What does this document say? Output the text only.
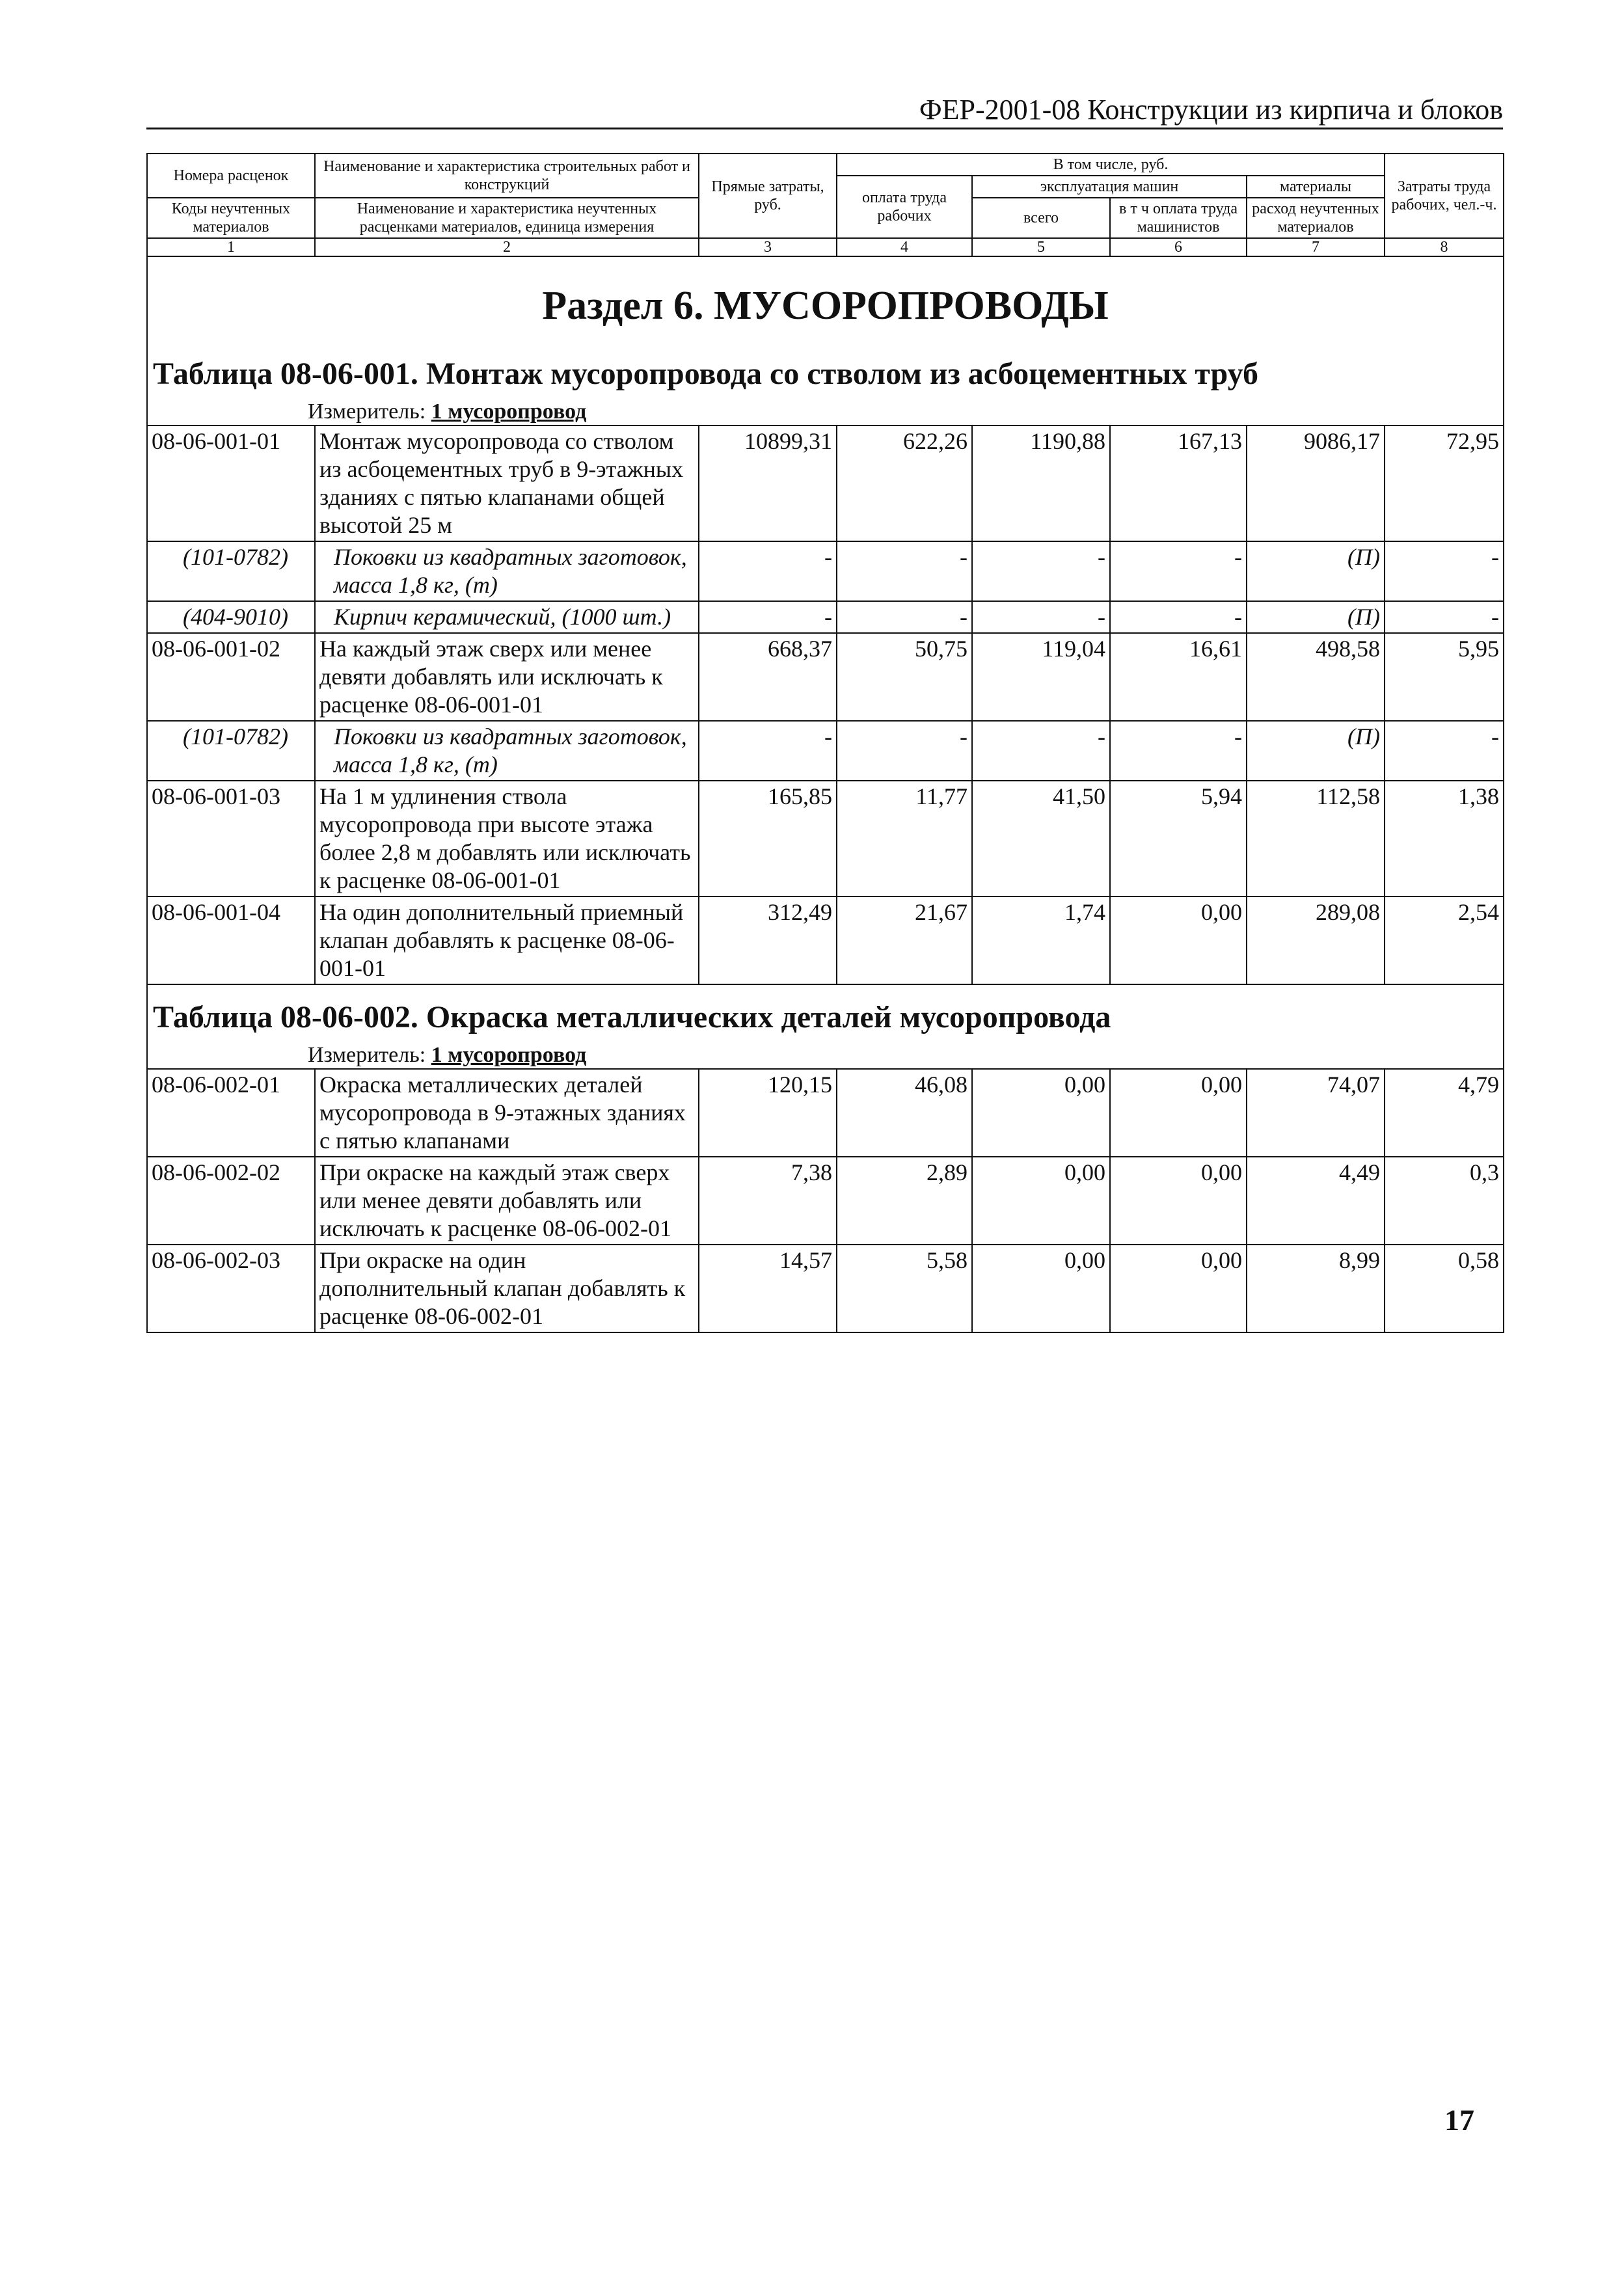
ФЕР-2001-08 Конструкции из кирпича и блоков
Номера расценок	Наименование и характеристика строительных работ и конструкций	Прямые затраты, руб.	В том числе, руб.				Затраты труда рабочих, чел.-ч.
			оплата труда рабочих	эксплуатация машин		материалы	
Коды неучтенных материалов	Наименование и характеристика неучтенных расценками материалов, единица измерения			всего	в т ч оплата труда машинистов	расход неучтенных материалов	

1	2	3	4	5	6	7	8

Раздел 6. МУСОРОПРОВОДЫ
Таблица 08-06-001. Монтаж мусоропровода со стволом из асбоцементных труб
Измеритель: 1 мусоропровод							

08-06-001-01	Монтаж мусоропровода со стволом из асбоцементных труб в 9-этажных зданиях с пятью клапанами общей высотой 25 м	10899,31	622,26	1190,88	167,13	9086,17	72,95
(101-0782)	Поковки из квадратных заготовок, масса 1,8 кг, (т)	-	-	-	-	(П)	-
(404-9010)	Кирпич керамический, (1000 шт.)	-	-	-	-	(П)	-
08-06-001-02	На каждый этаж сверх или менее девяти добавлять или исключать к расценке 08-06-001-01	668,37	50,75	119,04	16,61	498,58	5,95
(101-0782)	Поковки из квадратных заготовок, масса 1,8 кг, (т)	-	-	-	-	(П)	-
08-06-001-03	На 1 м удлинения ствола мусоропровода при высоте этажа более 2,8 м добавлять или исключать к расценке 08-06-001-01	165,85	11,77	41,50	5,94	112,58	1,38
08-06-001-04	На один дополнительный приемный клапан добавлять к расценке 08-06-001-01	312,49	21,67	1,74	0,00	289,08	2,54

Таблица 08-06-002. Окраска металлических деталей мусоропровода
Измеритель: 1 мусоропровод							

08-06-002-01	Окраска металлических деталей мусоропровода в 9-этажных зданиях с пятью клапанами	120,15	46,08	0,00	0,00	74,07	4,79
08-06-002-02	При окраске на каждый этаж сверх или менее девяти добавлять или исключать к расценке 08-06-002-01	7,38	2,89	0,00	0,00	4,49	0,3
08-06-002-03	При окраске на один дополнительный клапан добавлять к расценке 08-06-002-01	14,57	5,58	0,00	0,00	8,99	0,58
17
